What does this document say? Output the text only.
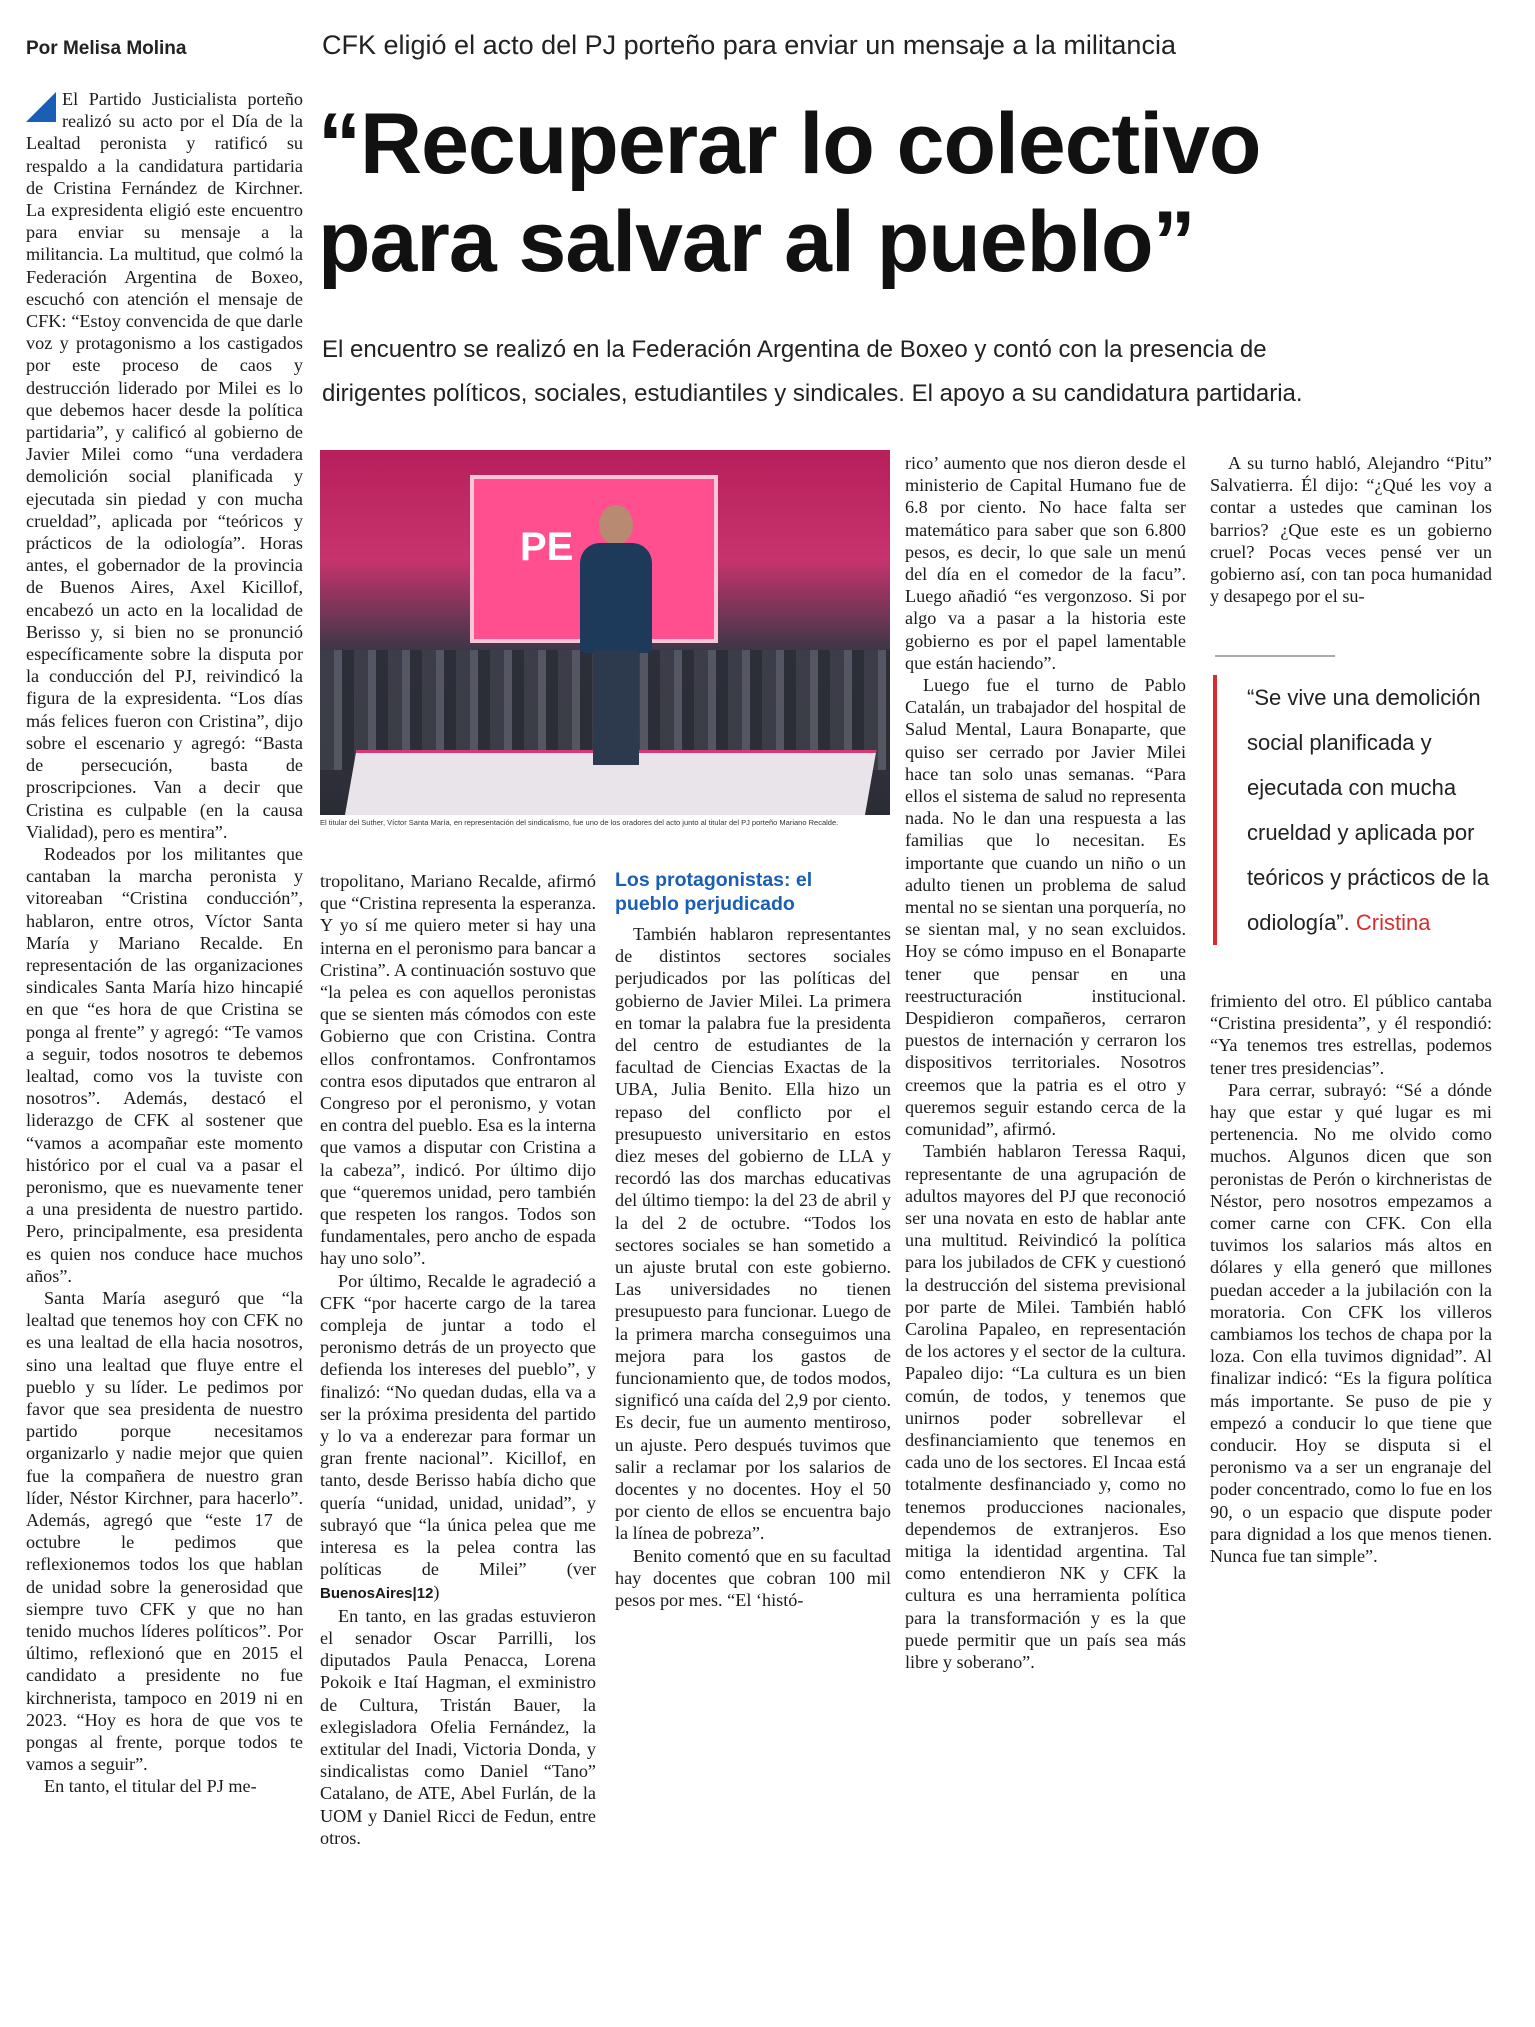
Por Melisa Molina	CFK eligió el acto del PJ porteño para enviar un mensaje a la militancia
“Recuperar lo colectivo
para salvar al pueblo”
El encuentro se realizó en la Federación Argentina de Boxeo y contó con la presencia de
dirigentes políticos, sociales, estudiantiles y sindicales. El apoyo a su candidatura partidaria.

El Partido Justicialista porteño realizó su acto por el Día de la Lealtad peronista y ratificó su respaldo a la candidatura partidaria de Cristina Fernández de Kirchner. La expresidenta eligió este encuentro para enviar su mensaje a la militancia. La multitud, que colmó la Federación Argentina de Boxeo, escuchó con atención el mensaje de CFK: “Estoy convencida de que darle voz y protagonismo a los castigados por este proceso de caos y destrucción liderado por Milei es lo que debemos hacer desde la política partidaria”, y calificó al gobierno de Javier Milei como “una verdadera demolición social planificada y ejecutada sin piedad y con mucha crueldad”, aplicada por “teóricos y prácticos de la odiología”. Horas antes, el gobernador de la provincia de Buenos Aires, Axel Kicillof, encabezó un acto en la localidad de Berisso y, si bien no se pronunció específicamente sobre la disputa por la conducción del PJ, reivindicó la figura de la expresidenta. “Los días más felices fueron con Cristina”, dijo sobre el escenario y agregó: “Basta de persecución, basta de proscripciones. Van a decir que Cristina es culpable (en la causa Vialidad), pero es mentira”.

Rodeados por los militantes que cantaban la marcha peronista y vitoreaban “Cristina conducción”, hablaron, entre otros, Víctor Santa María y Mariano Recalde. En representación de las organizaciones sindicales Santa María hizo hincapié en que “es hora de que Cristina se ponga al frente” y agregó: “Te vamos a seguir, todos nosotros te debemos lealtad, como vos la tuviste con nosotros”. Además, destacó el liderazgo de CFK al sostener que “vamos a acompañar este momento histórico por el cual va a pasar el peronismo, que es nuevamente tener a una presidenta de nuestro partido. Pero, principalmente, esa presidenta es quien nos conduce hace muchos años”.

Santa María aseguró que “la lealtad que tenemos hoy con CFK no es una lealtad de ella hacia nosotros, sino una lealtad que fluye entre el pueblo y su líder. Le pedimos por favor que sea presidenta de nuestro partido porque necesitamos organizarlo y nadie mejor que quien fue la compañera de nuestro gran líder, Néstor Kirchner, para hacerlo”. Además, agregó que “este 17 de octubre le pedimos que reflexionemos todos los que hablan de unidad sobre la generosidad que siempre tuvo CFK y que no han tenido muchos líderes políticos”. Por último, reflexionó que en 2015 el candidato a presidente no fue kirchnerista, tampoco en 2019 ni en 2023. “Hoy es hora de que vos te pongas al frente, porque todos te vamos a seguir”.

En tanto, el titular del PJ me-

PE
El titular del Suther, Víctor Santa María, en representación del sindicalismo, fue uno de los oradores del acto junto al titular del PJ porteño Mariano Recalde.

tropolitano, Mariano Recalde, afirmó que “Cristina representa la esperanza. Y yo sí me quiero meter si hay una interna en el peronismo para bancar a Cristina”. A continuación sostuvo que “la pelea es con aquellos peronistas que se sienten más cómodos con este Gobierno que con Cristina. Contra ellos confrontamos. Confrontamos contra esos diputados que entraron al Congreso por el peronismo, y votan en contra del pueblo. Esa es la interna que vamos a disputar con Cristina a la cabeza”, indicó. Por último dijo que “queremos unidad, pero también que respeten los rangos. Todos son fundamentales, pero ancho de espada hay uno solo”.

Por último, Recalde le agradeció a CFK “por hacerte cargo de la tarea compleja de juntar a todo el peronismo detrás de un proyecto que defienda los intereses del pueblo”, y finalizó: “No quedan dudas, ella va a ser la próxima presidenta del partido y lo va a enderezar para formar un gran frente nacional”. Kicillof, en tanto, desde Berisso había dicho que quería “unidad, unidad, unidad”, y subrayó que “la única pelea que me interesa es la pelea contra las políticas de Milei” (ver BuenosAires|12)

En tanto, en las gradas estuvieron el senador Oscar Parrilli, los diputados Paula Penacca, Lorena Pokoik e Itaí Hagman, el exministro de Cultura, Tristán Bauer, la exlegisladora Ofelia Fernández, la extitular del Inadi, Victoria Donda, y sindicalistas como Daniel “Tano” Catalano, de ATE, Abel Furlán, de la UOM y Daniel Ricci de Fedun, entre otros.

Los protagonistas: el pueblo perjudicado

También hablaron representantes de distintos sectores sociales perjudicados por las políticas del gobierno de Javier Milei. La primera en tomar la palabra fue la presidenta del centro de estudiantes de la facultad de Ciencias Exactas de la UBA, Julia Benito. Ella hizo un repaso del conflicto por el presupuesto universitario en estos diez meses del gobierno de LLA y recordó las dos marchas educativas del último tiempo: la del 23 de abril y la del 2 de octubre. “Todos los sectores sociales se han sometido a un ajuste brutal con este gobierno. Las universidades no tienen presupuesto para funcionar. Luego de la primera marcha conseguimos una mejora para los gastos de funcionamiento que, de todos modos, significó una caída del 2,9 por ciento. Es decir, fue un aumento mentiroso, un ajuste. Pero después tuvimos que salir a reclamar por los salarios de docentes y no docentes. Hoy el 50 por ciento de ellos se encuentra bajo la línea de pobreza”.

Benito comentó que en su facultad hay docentes que cobran 100 mil pesos por mes. “El ‘histó-

rico’ aumento que nos dieron desde el ministerio de Capital Humano fue de 6.8 por ciento. No hace falta ser matemático para saber que son 6.800 pesos, es decir, lo que sale un menú del día en el comedor de la facu”. Luego añadió “es vergonzoso. Si por algo va a pasar a la historia este gobierno es por el papel lamentable que están haciendo”.

Luego fue el turno de Pablo Catalán, un trabajador del hospital de Salud Mental, Laura Bonaparte, que quiso ser cerrado por Javier Milei hace tan solo unas semanas. “Para ellos el sistema de salud no representa nada. No le dan una respuesta a las familias que lo necesitan. Es importante que cuando un niño o un adulto tienen un problema de salud mental no se sientan una porquería, no se sientan mal, y no sean excluidos. Hoy se cómo impuso en el Bonaparte tener que pensar en una reestructuración institucional. Despidieron compañeros, cerraron puestos de internación y cerraron los dispositivos territoriales. Nosotros creemos que la patria es el otro y queremos seguir estando cerca de la comunidad”, afirmó.

También hablaron Teressa Raqui, representante de una agrupación de adultos mayores del PJ que reconoció ser una novata en esto de hablar ante una multitud. Reivindicó la política para los jubilados de CFK y cuestionó la destrucción del sistema previsional por parte de Milei. También habló Carolina Papaleo, en representación de los actores y el sector de la cultura. Papaleo dijo: “La cultura es un bien común, de todos, y tenemos que unirnos poder sobrellevar el desfinanciamiento que tenemos en cada uno de los sectores. El Incaa está totalmente desfinanciado y, como no tenemos producciones nacionales, dependemos de extranjeros. Eso mitiga la identidad argentina. Tal como entendieron NK y CFK la cultura es una herramienta política para la transformación y es la que puede permitir que un país sea más libre y soberano”.

A su turno habló, Alejandro “Pitu” Salvatierra. Él dijo: “¿Qué les voy a contar a ustedes que caminan los barrios? ¿Que este es un gobierno cruel? Pocas veces pensé ver un gobierno así, con tan poca humanidad y desapego por el su-

“Se vive una demolición social planificada y ejecutada con mucha crueldad y aplicada por teóricos y prácticos de la odiología”. Cristina

frimiento del otro. El público cantaba “Cristina presidenta”, y él respondió: “Ya tenemos tres estrellas, podemos tener tres presidencias”.

Para cerrar, subrayó: “Sé a dónde hay que estar y qué lugar es mi pertenencia. No me olvido como muchos. Algunos dicen que son peronistas de Perón o kirchneristas de Néstor, pero nosotros empezamos a comer carne con CFK. Con ella tuvimos los salarios más altos en dólares y ella generó que millones puedan acceder a la jubilación con la moratoria. Con CFK los villeros cambiamos los techos de chapa por la loza. Con ella tuvimos dignidad”. Al finalizar indicó: “Es la figura política más importante. Se puso de pie y empezó a conducir lo que tiene que conducir. Hoy se disputa si el peronismo va a ser un engranaje del poder concentrado, como lo fue en los 90, o un espacio que dispute poder para dignidad a los que menos tienen. Nunca fue tan simple”.
